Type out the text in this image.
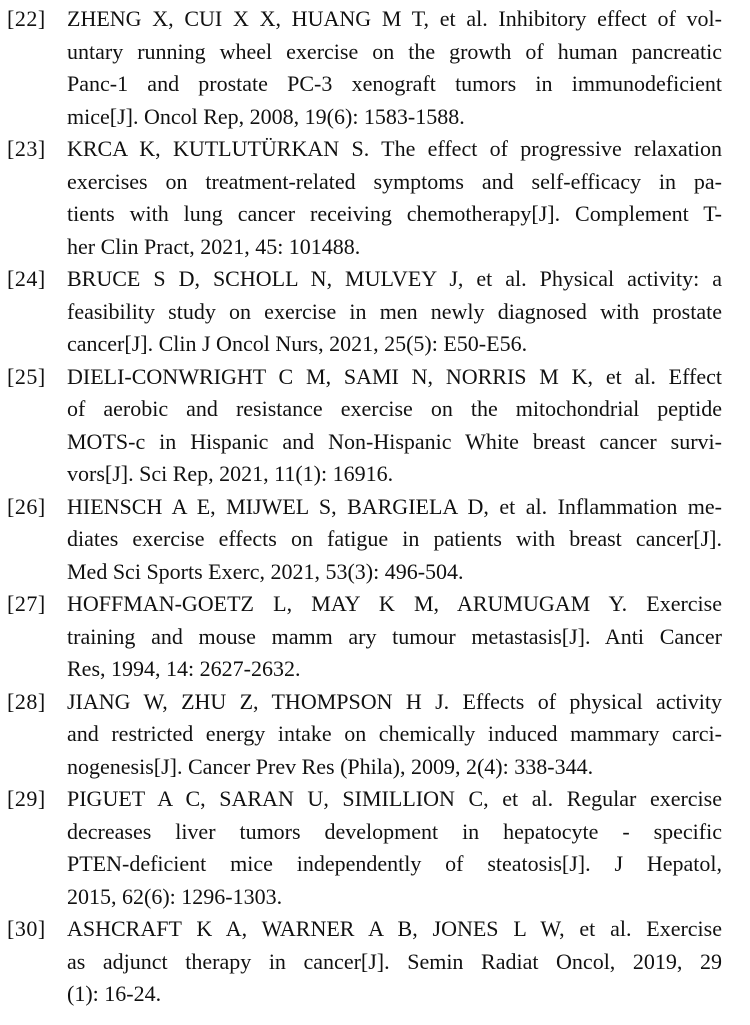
[22] ZHENG X, CUI X X, HUANG M T, et al. Inhibitory effect of vol-
untary running wheel exercise on the growth of human pancreatic
Panc-1 and prostate PC-3 xenograft tumors in immunodeficient
mice[J]. Oncol Rep, 2008, 19(6): 1583-1588.
[23] KRCA K, KUTLUTÜRKAN S. The effect of progressive relaxation
exercises on treatment-related symptoms and self-efficacy in pa-
tients with lung cancer receiving chemotherapy[J]. Complement T-
her Clin Pract, 2021, 45: 101488.
[24] BRUCE S D, SCHOLL N, MULVEY J, et al. Physical activity: a
feasibility study on exercise in men newly diagnosed with prostate
cancer[J]. Clin J Oncol Nurs, 2021, 25(5): E50-E56.
[25] DIELI-CONWRIGHT C M, SAMI N, NORRIS M K, et al. Effect
of aerobic and resistance exercise on the mitochondrial peptide
MOTS-c in Hispanic and Non-Hispanic White breast cancer survi-
vors[J]. Sci Rep, 2021, 11(1): 16916.
[26] HIENSCH A E, MIJWEL S, BARGIELA D, et al. Inflammation me-
diates exercise effects on fatigue in patients with breast cancer[J].
Med Sci Sports Exerc, 2021, 53(3): 496-504.
[27] HOFFMAN-GOETZ L, MAY K M, ARUMUGAM Y. Exercise
training and mouse mamm ary tumour metastasis[J]. Anti Cancer
Res, 1994, 14: 2627-2632.
[28] JIANG W, ZHU Z, THOMPSON H J. Effects of physical activity
and restricted energy intake on chemically induced mammary carci-
nogenesis[J]. Cancer Prev Res (Phila), 2009, 2(4): 338-344.
[29] PIGUET A C, SARAN U, SIMILLION C, et al. Regular exercise
decreases liver tumors development in hepatocyte - specific
PTEN-deficient mice independently of steatosis[J]. J Hepatol,
2015, 62(6): 1296-1303.
[30] ASHCRAFT K A, WARNER A B, JONES L W, et al. Exercise
as adjunct therapy in cancer[J]. Semin Radiat Oncol, 2019, 29
(1): 16-24.
